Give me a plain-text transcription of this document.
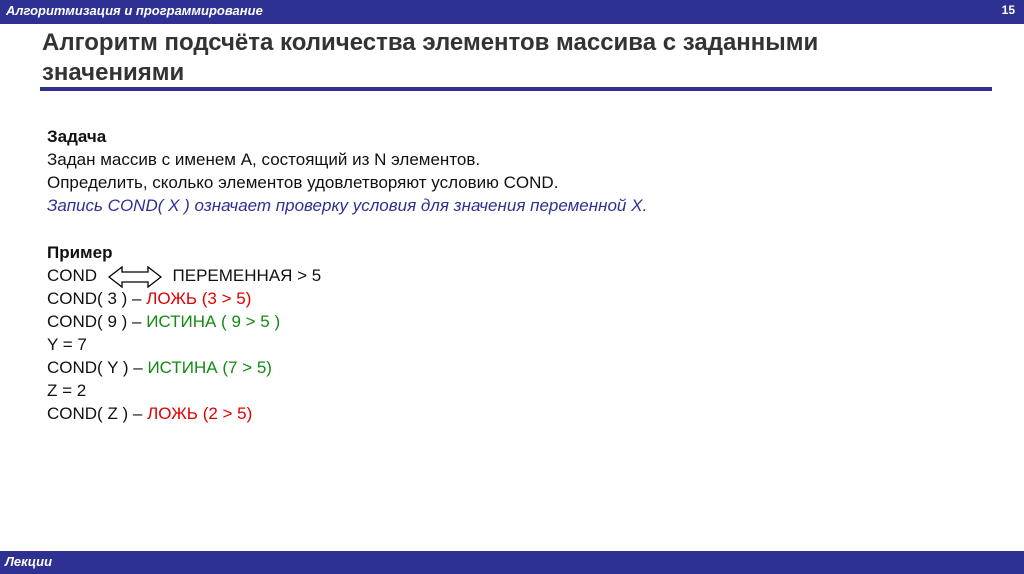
Алгоритмизация и программирование	15
Алгоритм подсчёта количества элементов массива с заданными значениями
Задача
Задан массив с именем A, состоящий из N элементов.
Определить, сколько элементов удовлетворяют условию COND.
Запись COND( X ) означает проверку условия для значения переменной X.
Пример
COND	ПЕРЕМЕННАЯ > 5
COND( 3 ) – ЛОЖЬ (3 > 5)
COND( 9 ) – ИСТИНА ( 9 > 5 )
Y = 7
COND( Y ) – ИСТИНА (7 > 5)
Z = 2
COND( Z ) – ЛОЖЬ (2 > 5)
Лекции
